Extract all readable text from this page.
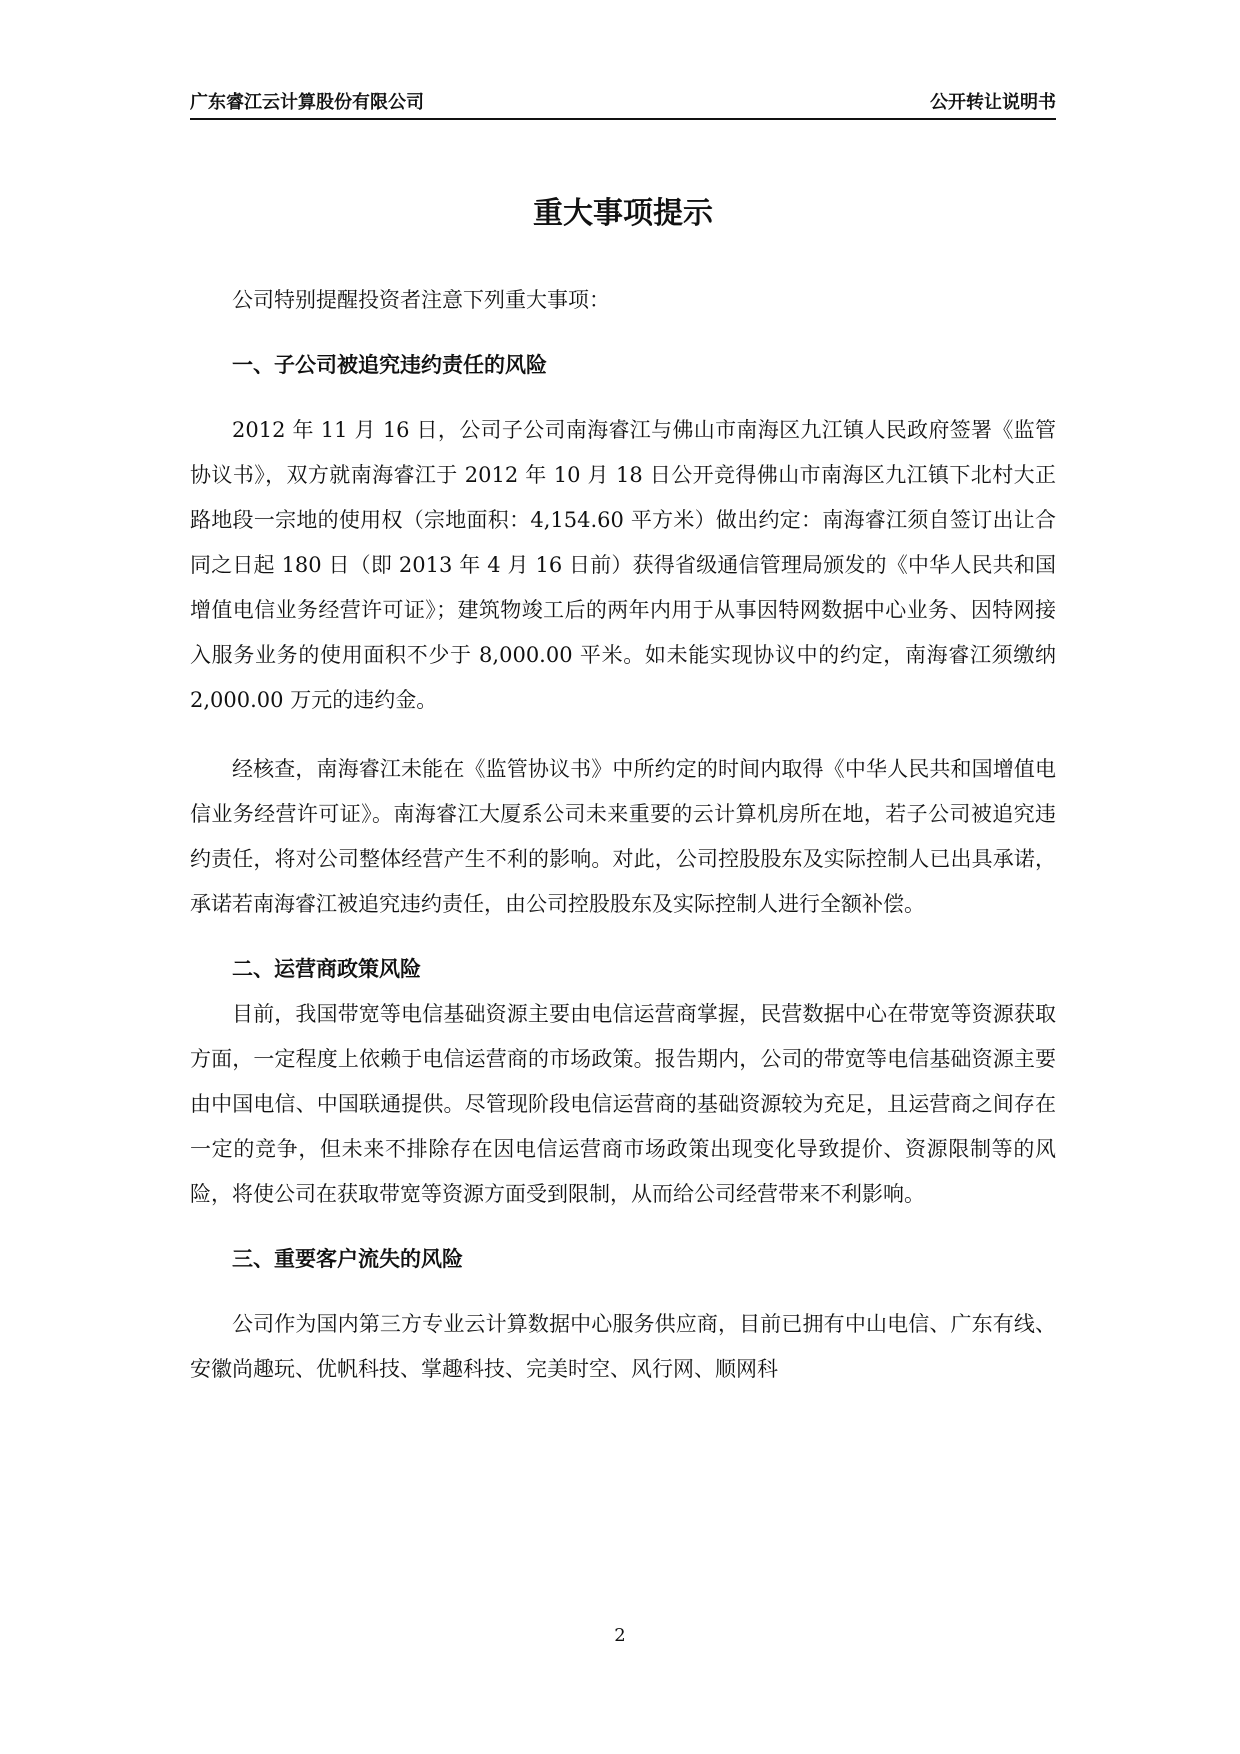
广东睿江云计算股份有限公司	公开转让说明书
重大事项提示

公司特别提醒投资者注意下列重大事项：

一、子公司被追究违约责任的风险

2012 年 11 月 16 日，公司子公司南海睿江与佛山市南海区九江镇人民政府签署《监管协议书》，双方就南海睿江于 2012 年 10 月 18 日公开竞得佛山市南海区九江镇下北村大正路地段一宗地的使用权（宗地面积：4,154.60 平方米）做出约定：南海睿江须自签订出让合同之日起 180 日（即 2013 年 4 月 16 日前）获得省级通信管理局颁发的《中华人民共和国增值电信业务经营许可证》；建筑物竣工后的两年内用于从事因特网数据中心业务、因特网接入服务业务的使用面积不少于 8,000.00 平米。如未能实现协议中的约定，南海睿江须缴纳 2,000.00 万元的违约金。

经核查，南海睿江未能在《监管协议书》中所约定的时间内取得《中华人民共和国增值电信业务经营许可证》。南海睿江大厦系公司未来重要的云计算机房所在地，若子公司被追究违约责任，将对公司整体经营产生不利的影响。对此，公司控股股东及实际控制人已出具承诺，承诺若南海睿江被追究违约责任，由公司控股股东及实际控制人进行全额补偿。

二、运营商政策风险

目前，我国带宽等电信基础资源主要由电信运营商掌握，民营数据中心在带宽等资源获取方面，一定程度上依赖于电信运营商的市场政策。报告期内，公司的带宽等电信基础资源主要由中国电信、中国联通提供。尽管现阶段电信运营商的基础资源较为充足，且运营商之间存在一定的竞争，但未来不排除存在因电信运营商市场政策出现变化导致提价、资源限制等的风险，将使公司在获取带宽等资源方面受到限制，从而给公司经营带来不利影响。

三、重要客户流失的风险

公司作为国内第三方专业云计算数据中心服务供应商，目前已拥有中山电信、广东有线、安徽尚趣玩、优帆科技、掌趣科技、完美时空、风行网、顺网科

2
